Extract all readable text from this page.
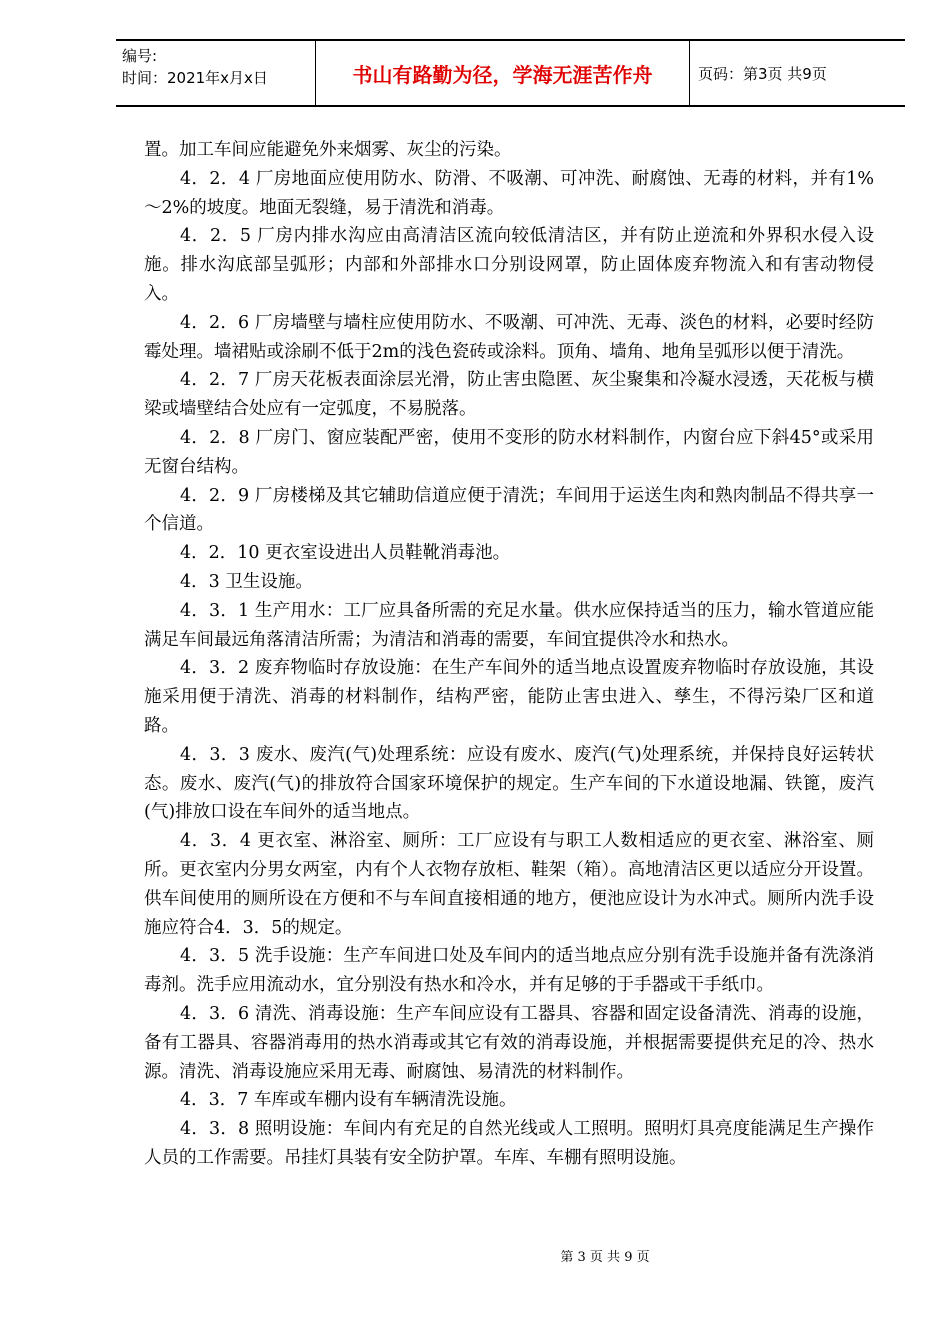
编号:
时间：2021年x月x日	书山有路勤为径，学海无涯苦作舟	页码：第3页 共9页

置。加工车间应能避免外来烟雾、灰尘的污染。

4．2．4 厂房地面应使用防水、防滑、不吸潮、可冲洗、耐腐蚀、无毒的材料，并有1%～2%的坡度。地面无裂缝，易于清洗和消毒。

4．2．5 厂房内排水沟应由高清洁区流向较低清洁区，并有防止逆流和外界积水侵入设施。排水沟底部呈弧形；内部和外部排水口分别设网罩，防止固体废弃物流入和有害动物侵入。

4．2．6 厂房墙壁与墙柱应使用防水、不吸潮、可冲洗、无毒、淡色的材料，必要时经防霉处理。墙裙贴或涂刷不低于2m的浅色瓷砖或涂料。顶角、墙角、地角呈弧形以便于清洗。

4．2．7 厂房天花板表面涂层光滑，防止害虫隐匿、灰尘聚集和冷凝水浸透，天花板与横梁或墙壁结合处应有一定弧度，不易脱落。

4．2．8 厂房门、窗应装配严密，使用不变形的防水材料制作，内窗台应下斜45°或采用无窗台结构。

4．2．9 厂房楼梯及其它辅助信道应便于清洗；车间用于运送生肉和熟肉制品不得共享一个信道。

4．2．10 更衣室设进出人员鞋靴消毒池。

4．3 卫生设施。

4．3．1 生产用水：工厂应具备所需的充足水量。供水应保持适当的压力，输水管道应能满足车间最远角落清洁所需；为清洁和消毒的需要，车间宜提供冷水和热水。

4．3．2 废弃物临时存放设施：在生产车间外的适当地点设置废弃物临时存放设施，其设施采用便于清洗、消毒的材料制作，结构严密，能防止害虫进入、孳生，不得污染厂区和道路。

4．3．3 废水、废汽(气)处理系统：应设有废水、废汽(气)处理系统，并保持良好运转状态。废水、废汽(气)的排放符合国家环境保护的规定。生产车间的下水道设地漏、铁篦，废汽(气)排放口设在车间外的适当地点。

4．3．4 更衣室、淋浴室、厕所：工厂应设有与职工人数相适应的更衣室、淋浴室、厕所。更衣室内分男女两室，内有个人衣物存放柜、鞋架（箱）。高地清洁区更以适应分开设置。供车间使用的厕所设在方便和不与车间直接相通的地方，便池应设计为水冲式。厕所内洗手设施应符合4．3．5的规定。

4．3．5 洗手设施：生产车间进口处及车间内的适当地点应分别有洗手设施并备有洗涤消毒剂。洗手应用流动水，宜分别没有热水和冷水，并有足够的于手器或干手纸巾。

4．3．6 清洗、消毒设施：生产车间应设有工器具、容器和固定设备清洗、消毒的设施，备有工器具、容器消毒用的热水消毒或其它有效的消毒设施，并根据需要提供充足的冷、热水源。清洗、消毒设施应采用无毒、耐腐蚀、易清洗的材料制作。

4．3．7 车库或车棚内设有车辆清洗设施。

4．3．8 照明设施：车间内有充足的自然光线或人工照明。照明灯具亮度能满足生产操作人员的工作需要。吊挂灯具装有安全防护罩。车库、车棚有照明设施。

第 3 页 共 9 页
